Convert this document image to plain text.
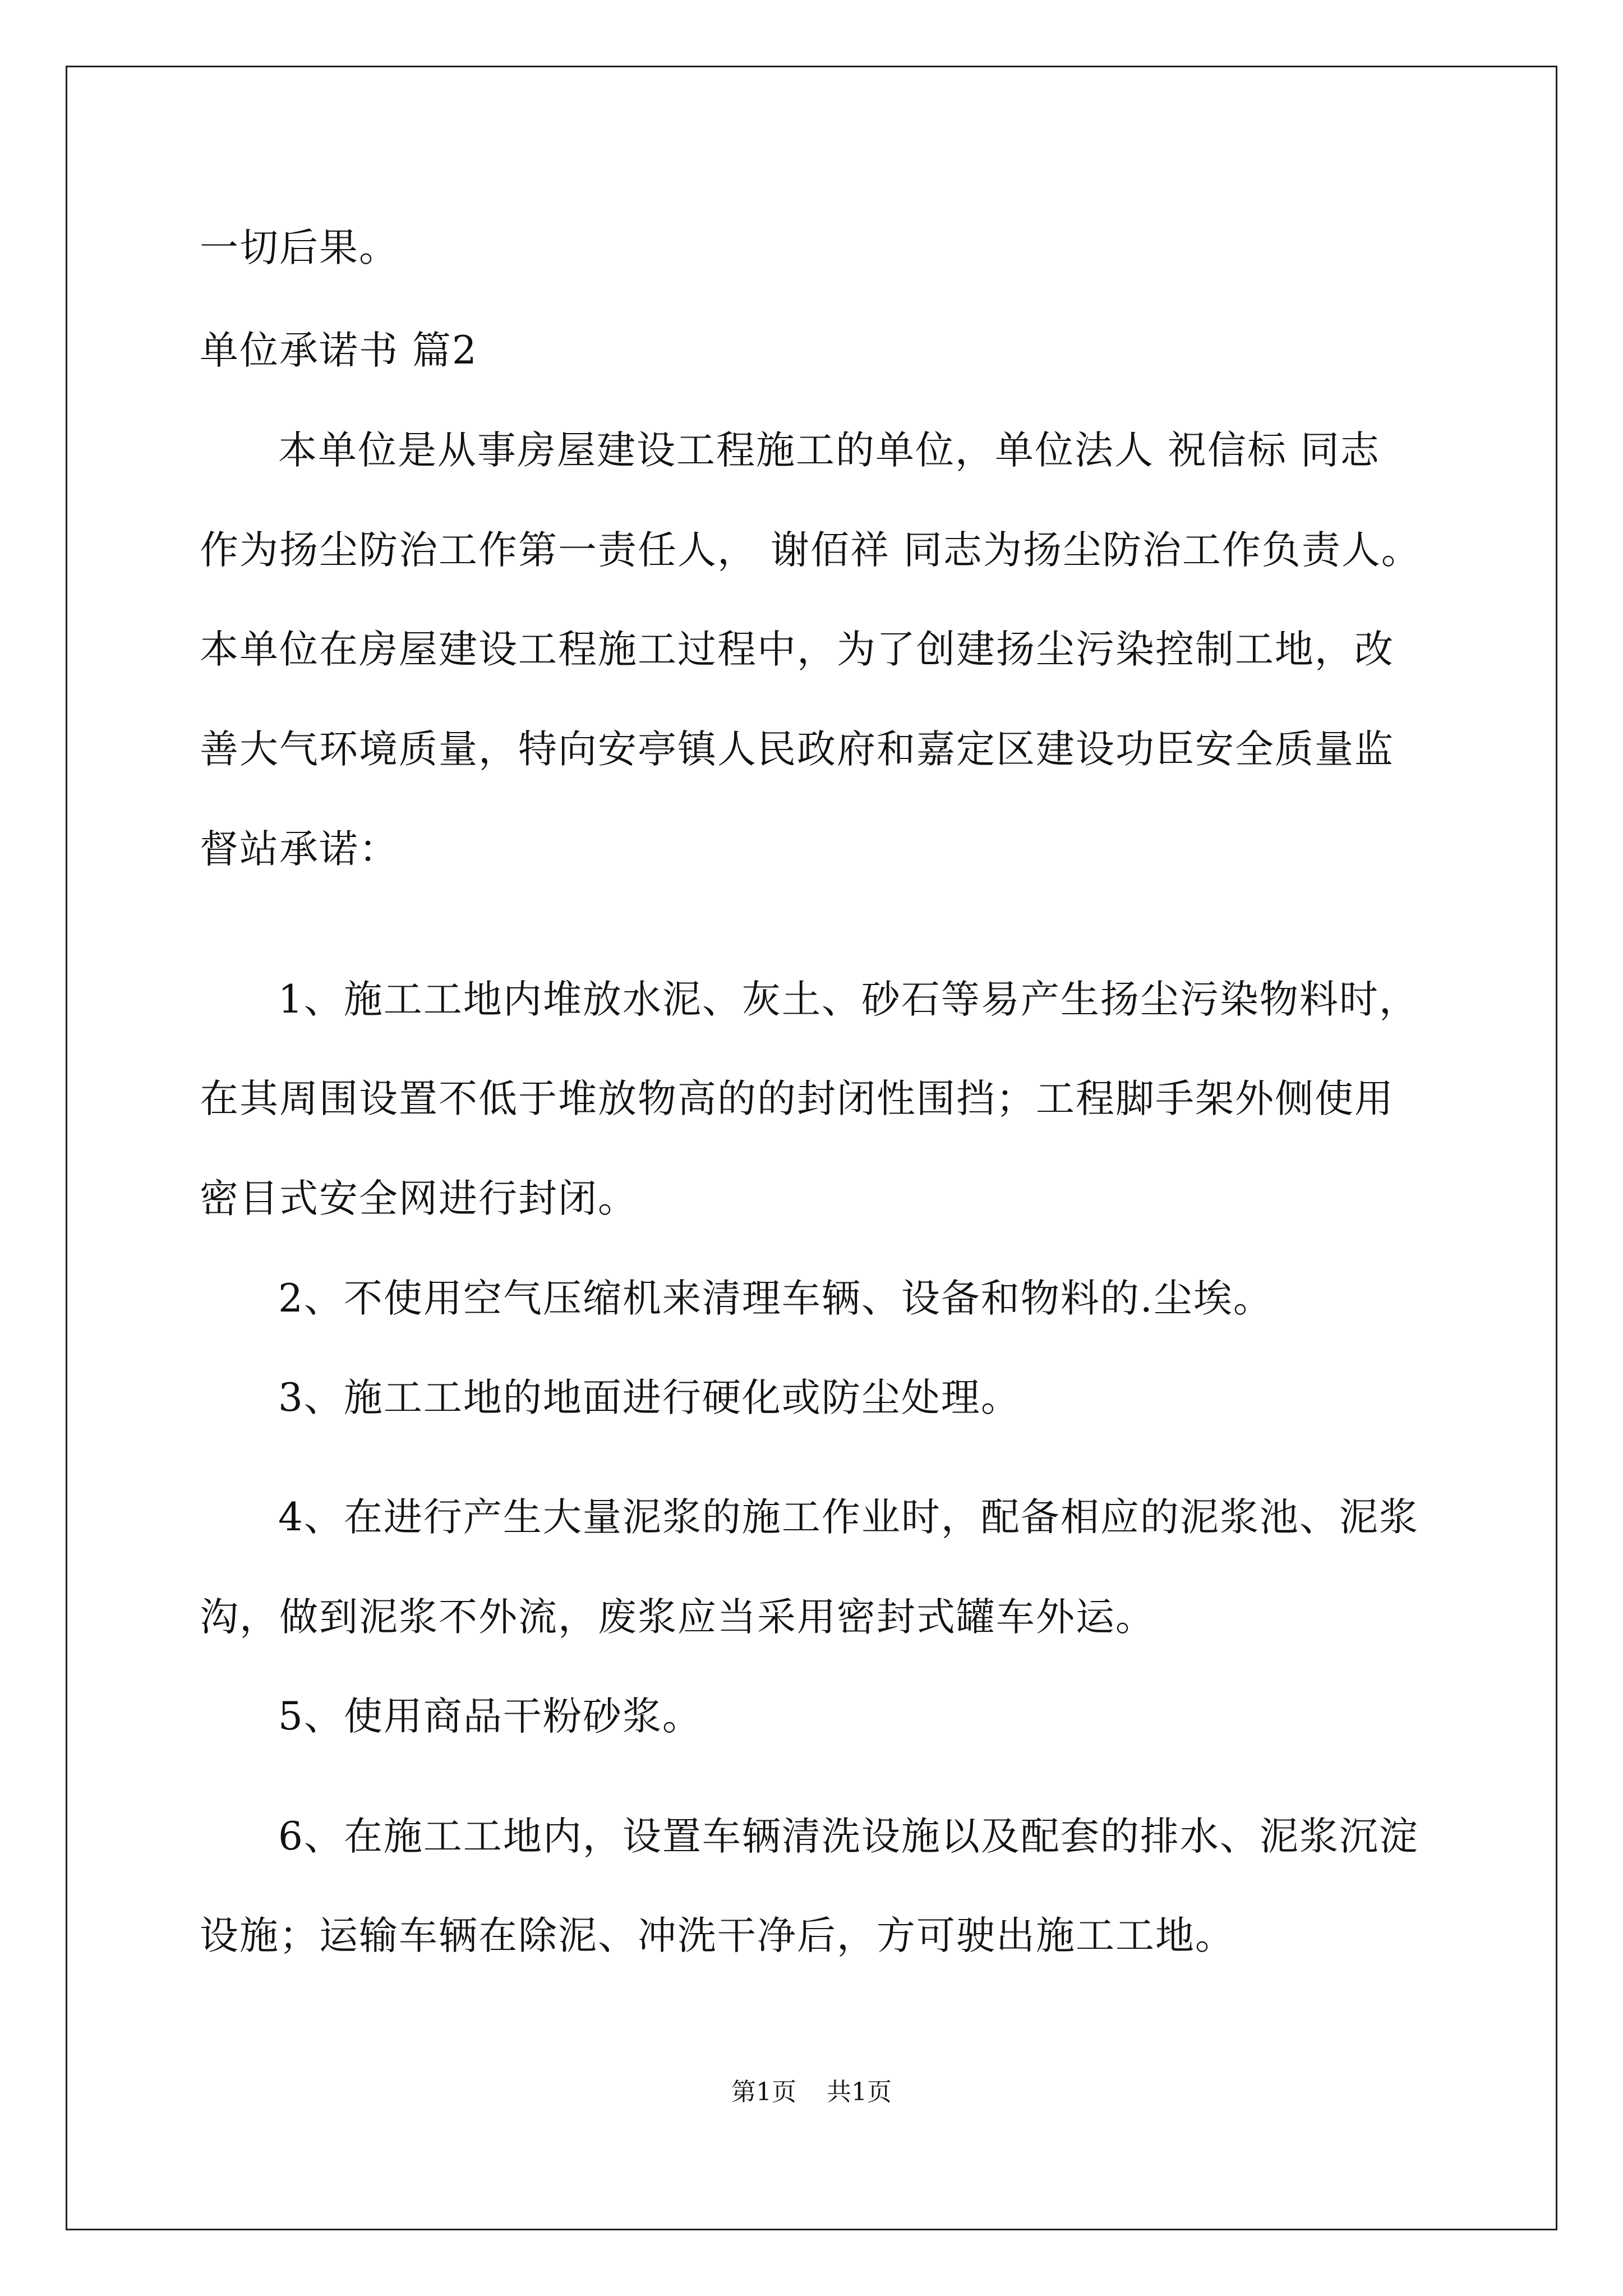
一切后果。
单位承诺书 篇2
本单位是从事房屋建设工程施工的单位，单位法人 祝信标 同志
作为扬尘防治工作第一责任人， 谢佰祥 同志为扬尘防治工作负责人。
本单位在房屋建设工程施工过程中，为了创建扬尘污染控制工地，改
善大气环境质量，特向安亭镇人民政府和嘉定区建设功臣安全质量监
督站承诺：
1、施工工地内堆放水泥、灰土、砂石等易产生扬尘污染物料时，
在其周围设置不低于堆放物高的的封闭性围挡；工程脚手架外侧使用
密目式安全网进行封闭。
2、不使用空气压缩机来清理车辆、设备和物料的.尘埃。
3、施工工地的地面进行硬化或防尘处理。
4、在进行产生大量泥浆的施工作业时，配备相应的泥浆池、泥浆
沟，做到泥浆不外流，废浆应当采用密封式罐车外运。
5、使用商品干粉砂浆。
6、在施工工地内，设置车辆清洗设施以及配套的排水、泥浆沉淀
设施；运输车辆在除泥、冲洗干净后，方可驶出施工工地。
第1页 共1页
